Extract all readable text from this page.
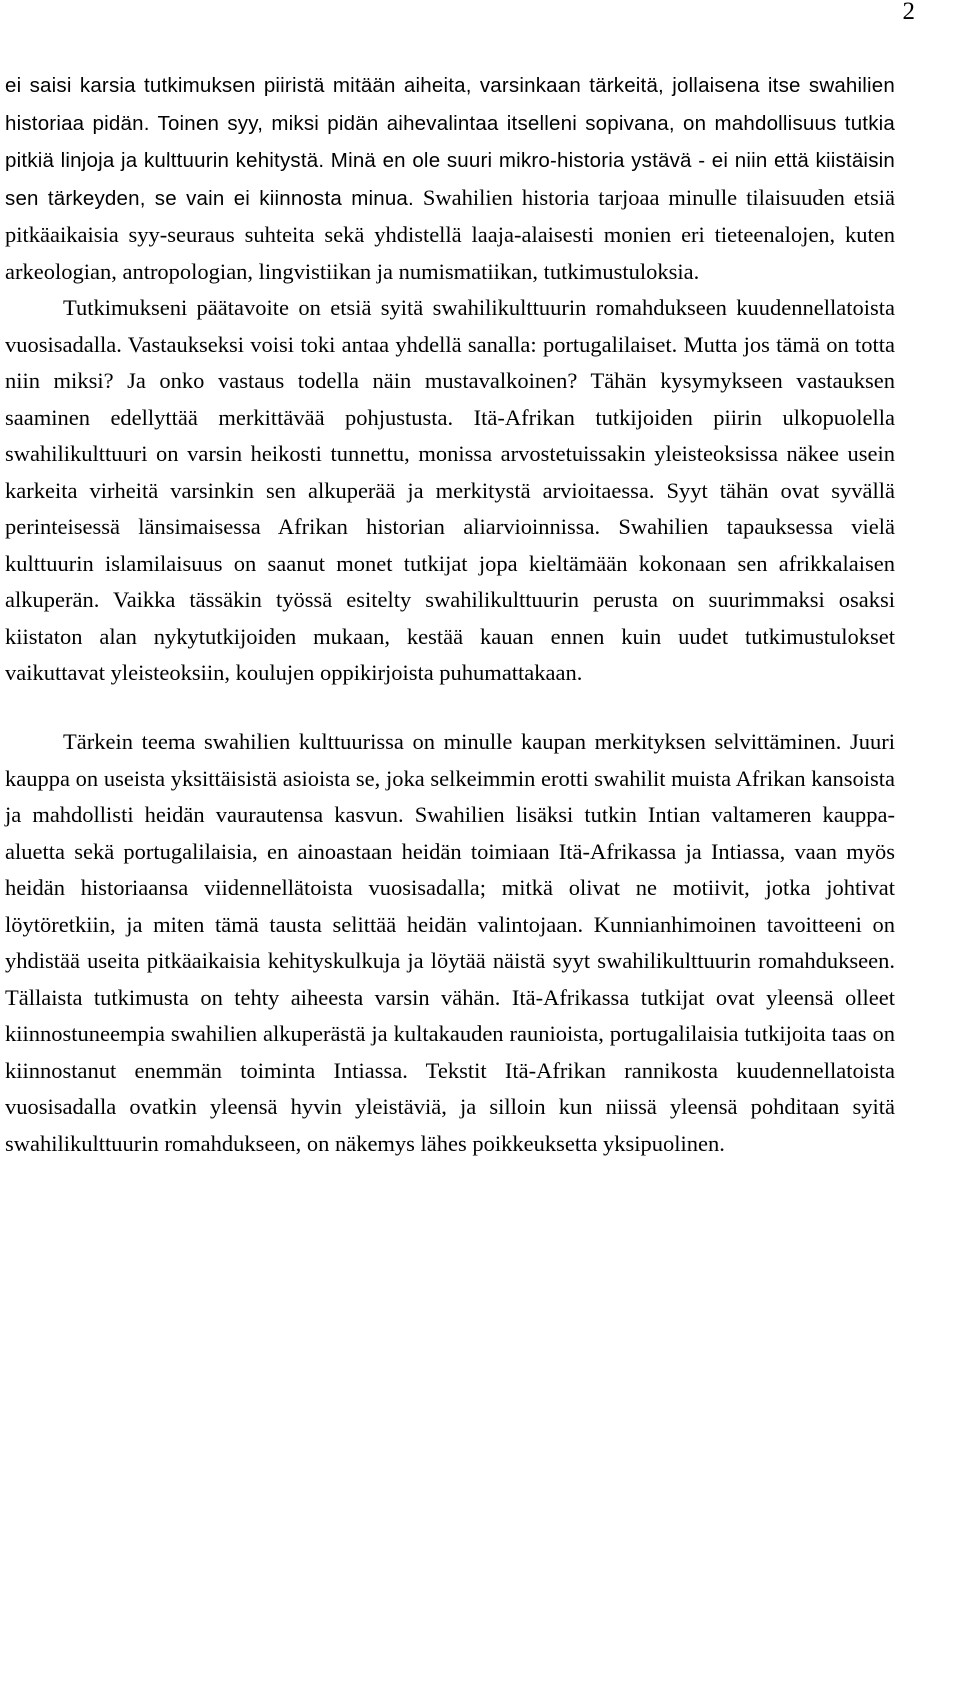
2

ei saisi karsia tutkimuksen piiristä mitään aiheita, varsinkaan tärkeitä, jollaisena itse swahilien historiaa pidän. Toinen syy, miksi pidän aihevalintaa itselleni sopivana, on mahdollisuus tutkia pitkiä linjoja ja kulttuurin kehitystä. Minä en ole suuri mikro-historia ystävä - ei niin että kiistäisin sen tärkeyden, se vain ei kiinnosta minua. Swahilien historia tarjoaa minulle tilaisuuden etsiä pitkäaikaisia syy-seuraus suhteita sekä yhdistellä laaja-alaisesti monien eri tieteenalojen, kuten arkeologian, antropologian, lingvistiikan ja numismatiikan, tutkimustuloksia.
Tutkimukseni päätavoite on etsiä syitä swahilikulttuurin romahdukseen kuudennellatoista vuosisadalla. Vastaukseksi voisi toki antaa yhdellä sanalla: portugalilaiset. Mutta jos tämä on totta niin miksi? Ja onko vastaus todella näin mustavalkoinen? Tähän kysymykseen vastauksen saaminen edellyttää merkittävää pohjustusta. Itä-Afrikan tutkijoiden piirin ulkopuolella swahilikulttuuri on varsin heikosti tunnettu, monissa arvostetuissakin yleisteoksissa näkee usein karkeita virheitä varsinkin sen alkuperää ja merkitystä arvioitaessa. Syyt tähän ovat syvällä perinteisessä länsimaisessa Afrikan historian aliarvioinnissa. Swahilien tapauksessa vielä kulttuurin islamilaisuus on saanut monet tutkijat jopa kieltämään kokonaan sen afrikkalaisen alkuperän. Vaikka tässäkin työssä esitelty swahilikulttuurin perusta on suurimmaksi osaksi kiistaton alan nykytutkijoiden mukaan, kestää kauan ennen kuin uudet tutkimustulokset vaikuttavat yleisteoksiin, koulujen oppikirjoista puhumattakaan.

Tärkein teema swahilien kulttuurissa on minulle kaupan merkityksen selvittäminen. Juuri kauppa on useista yksittäisistä asioista se, joka selkeimmin erotti swahilit muista Afrikan kansoista ja mahdollisti heidän vaurautensa kasvun. Swahilien lisäksi tutkin Intian valtameren kauppa-aluetta sekä portugalilaisia, en ainoastaan heidän toimiaan Itä-Afrikassa ja Intiassa, vaan myös heidän historiaansa viidennellätoista vuosisadalla; mitkä olivat ne motiivit, jotka johtivat löytöretkiin, ja miten tämä tausta selittää heidän valintojaan. Kunnianhimoinen tavoitteeni on yhdistää useita pitkäaikaisia kehityskulkuja ja löytää näistä syyt swahilikulttuurin romahdukseen. Tällaista tutkimusta on tehty aiheesta varsin vähän. Itä-Afrikassa tutkijat ovat yleensä olleet kiinnostuneempia swahilien alkuperästä ja kultakauden raunioista, portugalilaisia tutkijoita taas on kiinnostanut enemmän toiminta Intiassa. Tekstit Itä-Afrikan rannikosta kuudennellatoista vuosisadalla ovatkin yleensä hyvin yleistäviä, ja silloin kun niissä yleensä pohditaan syitä swahilikulttuurin romahdukseen, on näkemys lähes poikkeuksetta yksipuolinen.
